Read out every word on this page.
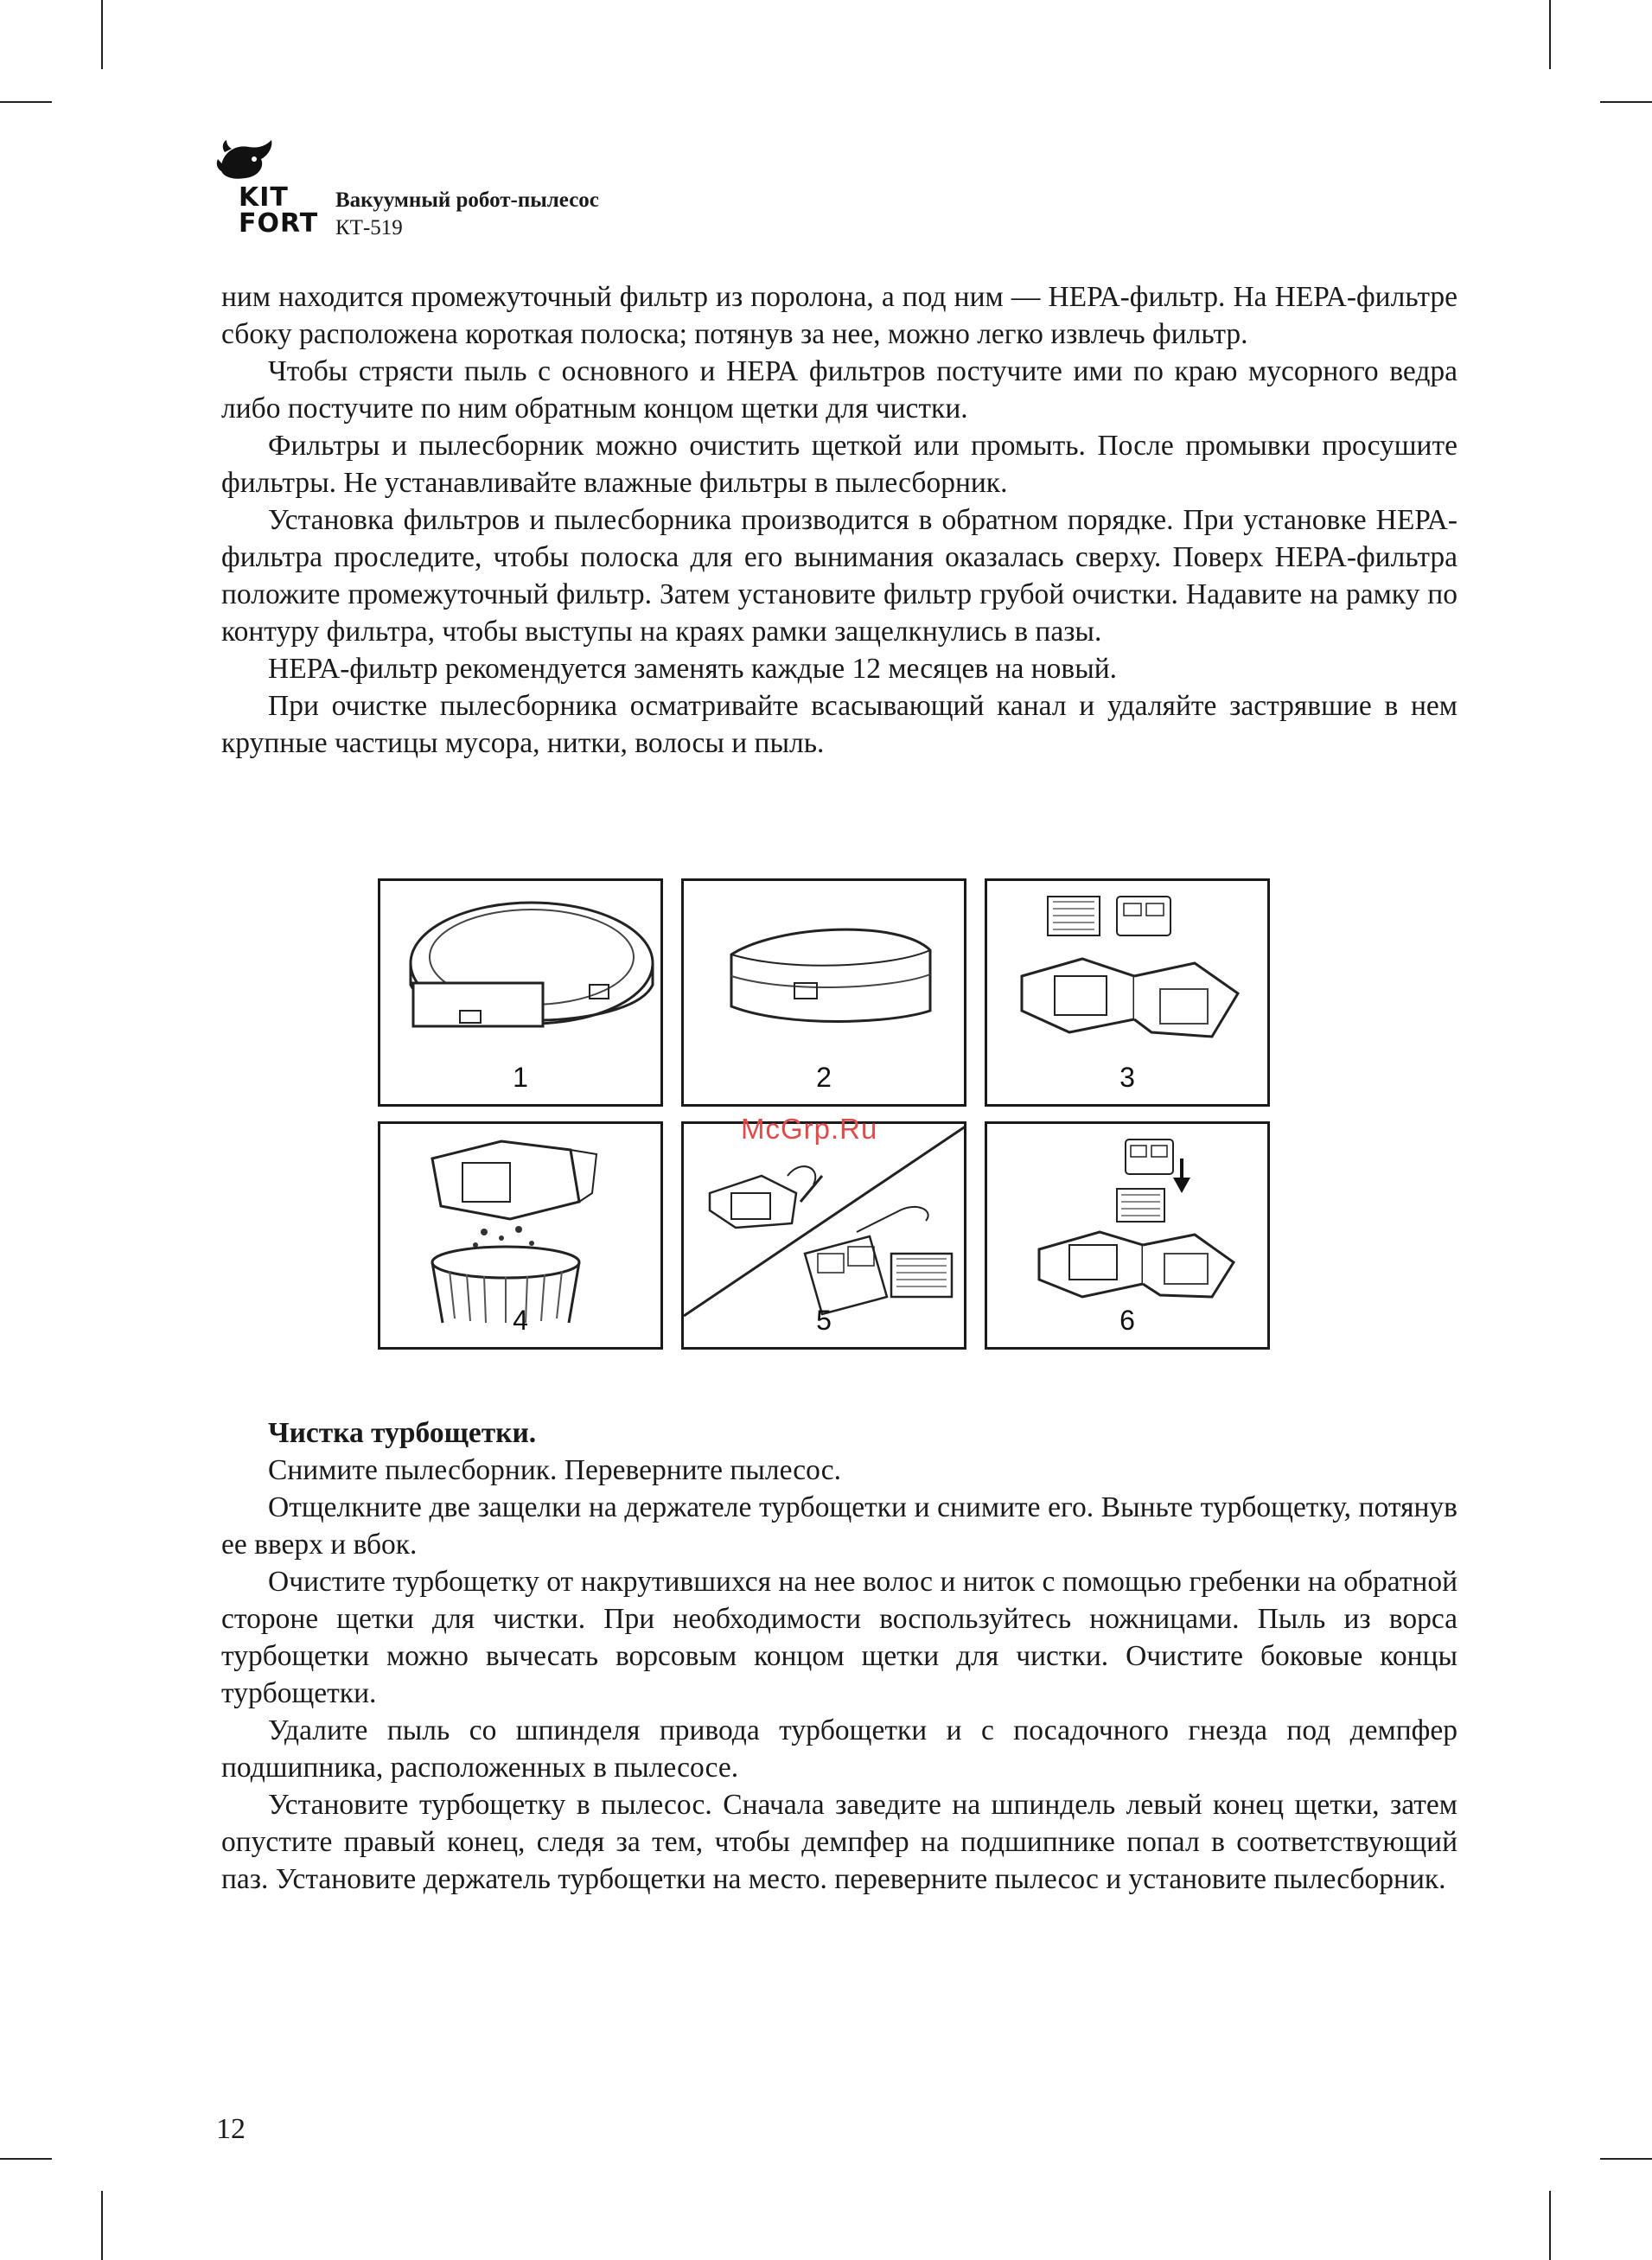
KIT
FORT
Вакуумный робот-пылесос
КТ-519

ним находится промежуточный фильтр из поролона, а под ним — НЕРА-фильтр. На НЕРА-фильтре сбоку расположена короткая полоска; потянув за нее, можно легко извлечь фильтр.

Чтобы стрясти пыль с основного и НЕРА фильтров постучите ими по краю мусорного ведра либо постучите по ним обратным концом щетки для чистки.

Фильтры и пылесборник можно очистить щеткой или промыть. После промывки просушите фильтры. Не устанавливайте влажные фильтры в пылесборник.

Установка фильтров и пылесборника производится в обратном порядке. При установке НЕРА-фильтра проследите, чтобы полоска для его вынимания оказалась сверху. Поверх НЕРА-фильтра положите промежуточный фильтр. Затем установите фильтр грубой очистки. Надавите на рамку по контуру фильтра, чтобы выступы на краях рамки защелкнулись в пазы.

НЕРА-фильтр рекомендуется заменять каждые 12 месяцев на новый.

При очистке пылесборника осматривайте всасывающий канал и удаляйте застрявшие в нем крупные частицы мусора, нитки, волосы и пыль.

1	2	3
4	5	6
McGrp.Ru

Чистка турбощетки.

Снимите пылесборник. Переверните пылесос.

Отщелкните две защелки на держателе турбощетки и снимите его. Выньте турбощетку, потянув ее вверх и вбок.

Очистите турбощетку от накрутившихся на нее волос и ниток с помощью гребенки на обратной стороне щетки для чистки. При необходимости воспользуйтесь ножницами. Пыль из ворса турбощетки можно вычесать ворсовым концом щетки для чистки. Очистите боковые концы турбощетки.

Удалите пыль со шпинделя привода турбощетки и с посадочного гнезда под демпфер подшипника, расположенных в пылесосе.

Установите турбощетку в пылесос. Сначала заведите на шпиндель левый конец щетки, затем опустите правый конец, следя за тем, чтобы демпфер на подшипнике попал в соответствующий паз. Установите держатель турбощетки на место. переверните пылесос и установите пылесборник.

12
